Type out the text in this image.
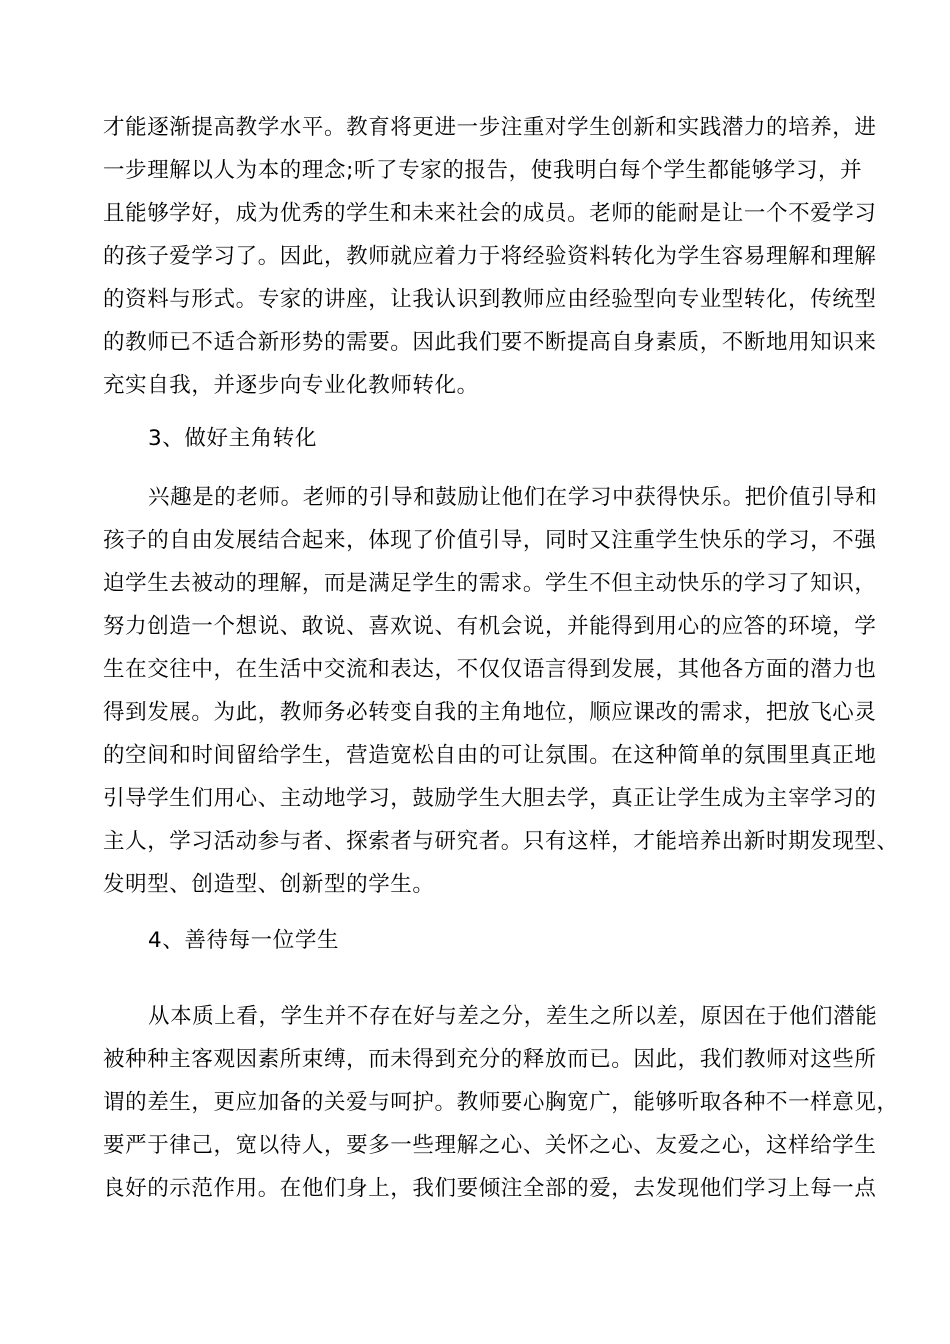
才能逐渐提高教学水平。教育将更进一步注重对学生创新和实践潜力的培养，进
一步理解以人为本的理念;听了专家的报告，使我明白每个学生都能够学习，并
且能够学好，成为优秀的学生和未来社会的成员。老师的能耐是让一个不爱学习
的孩子爱学习了。因此，教师就应着力于将经验资料转化为学生容易理解和理解
的资料与形式。专家的讲座，让我认识到教师应由经验型向专业型转化，传统型
的教师已不适合新形势的需要。因此我们要不断提高自身素质，不断地用知识来
充实自我，并逐步向专业化教师转化。
3、做好主角转化
兴趣是的老师。老师的引导和鼓励让他们在学习中获得快乐。把价值引导和
孩子的自由发展结合起来，体现了价值引导，同时又注重学生快乐的学习，不强
迫学生去被动的理解，而是满足学生的需求。学生不但主动快乐的学习了知识，
努力创造一个想说、敢说、喜欢说、有机会说，并能得到用心的应答的环境，学
生在交往中，在生活中交流和表达，不仅仅语言得到发展，其他各方面的潜力也
得到发展。为此，教师务必转变自我的主角地位，顺应课改的需求，把放飞心灵
的空间和时间留给学生，营造宽松自由的可让氛围。在这种简单的氛围里真正地
引导学生们用心、主动地学习，鼓励学生大胆去学，真正让学生成为主宰学习的
主人，学习活动参与者、探索者与研究者。只有这样，才能培养出新时期发现型、
发明型、创造型、创新型的学生。
4、善待每一位学生
从本质上看，学生并不存在好与差之分，差生之所以差，原因在于他们潜能
被种种主客观因素所束缚，而未得到充分的释放而已。因此，我们教师对这些所
谓的差生，更应加备的关爱与呵护。教师要心胸宽广，能够听取各种不一样意见，
要严于律己，宽以待人，要多一些理解之心、关怀之心、友爱之心，这样给学生
良好的示范作用。在他们身上，我们要倾注全部的爱，去发现他们学习上每一点
